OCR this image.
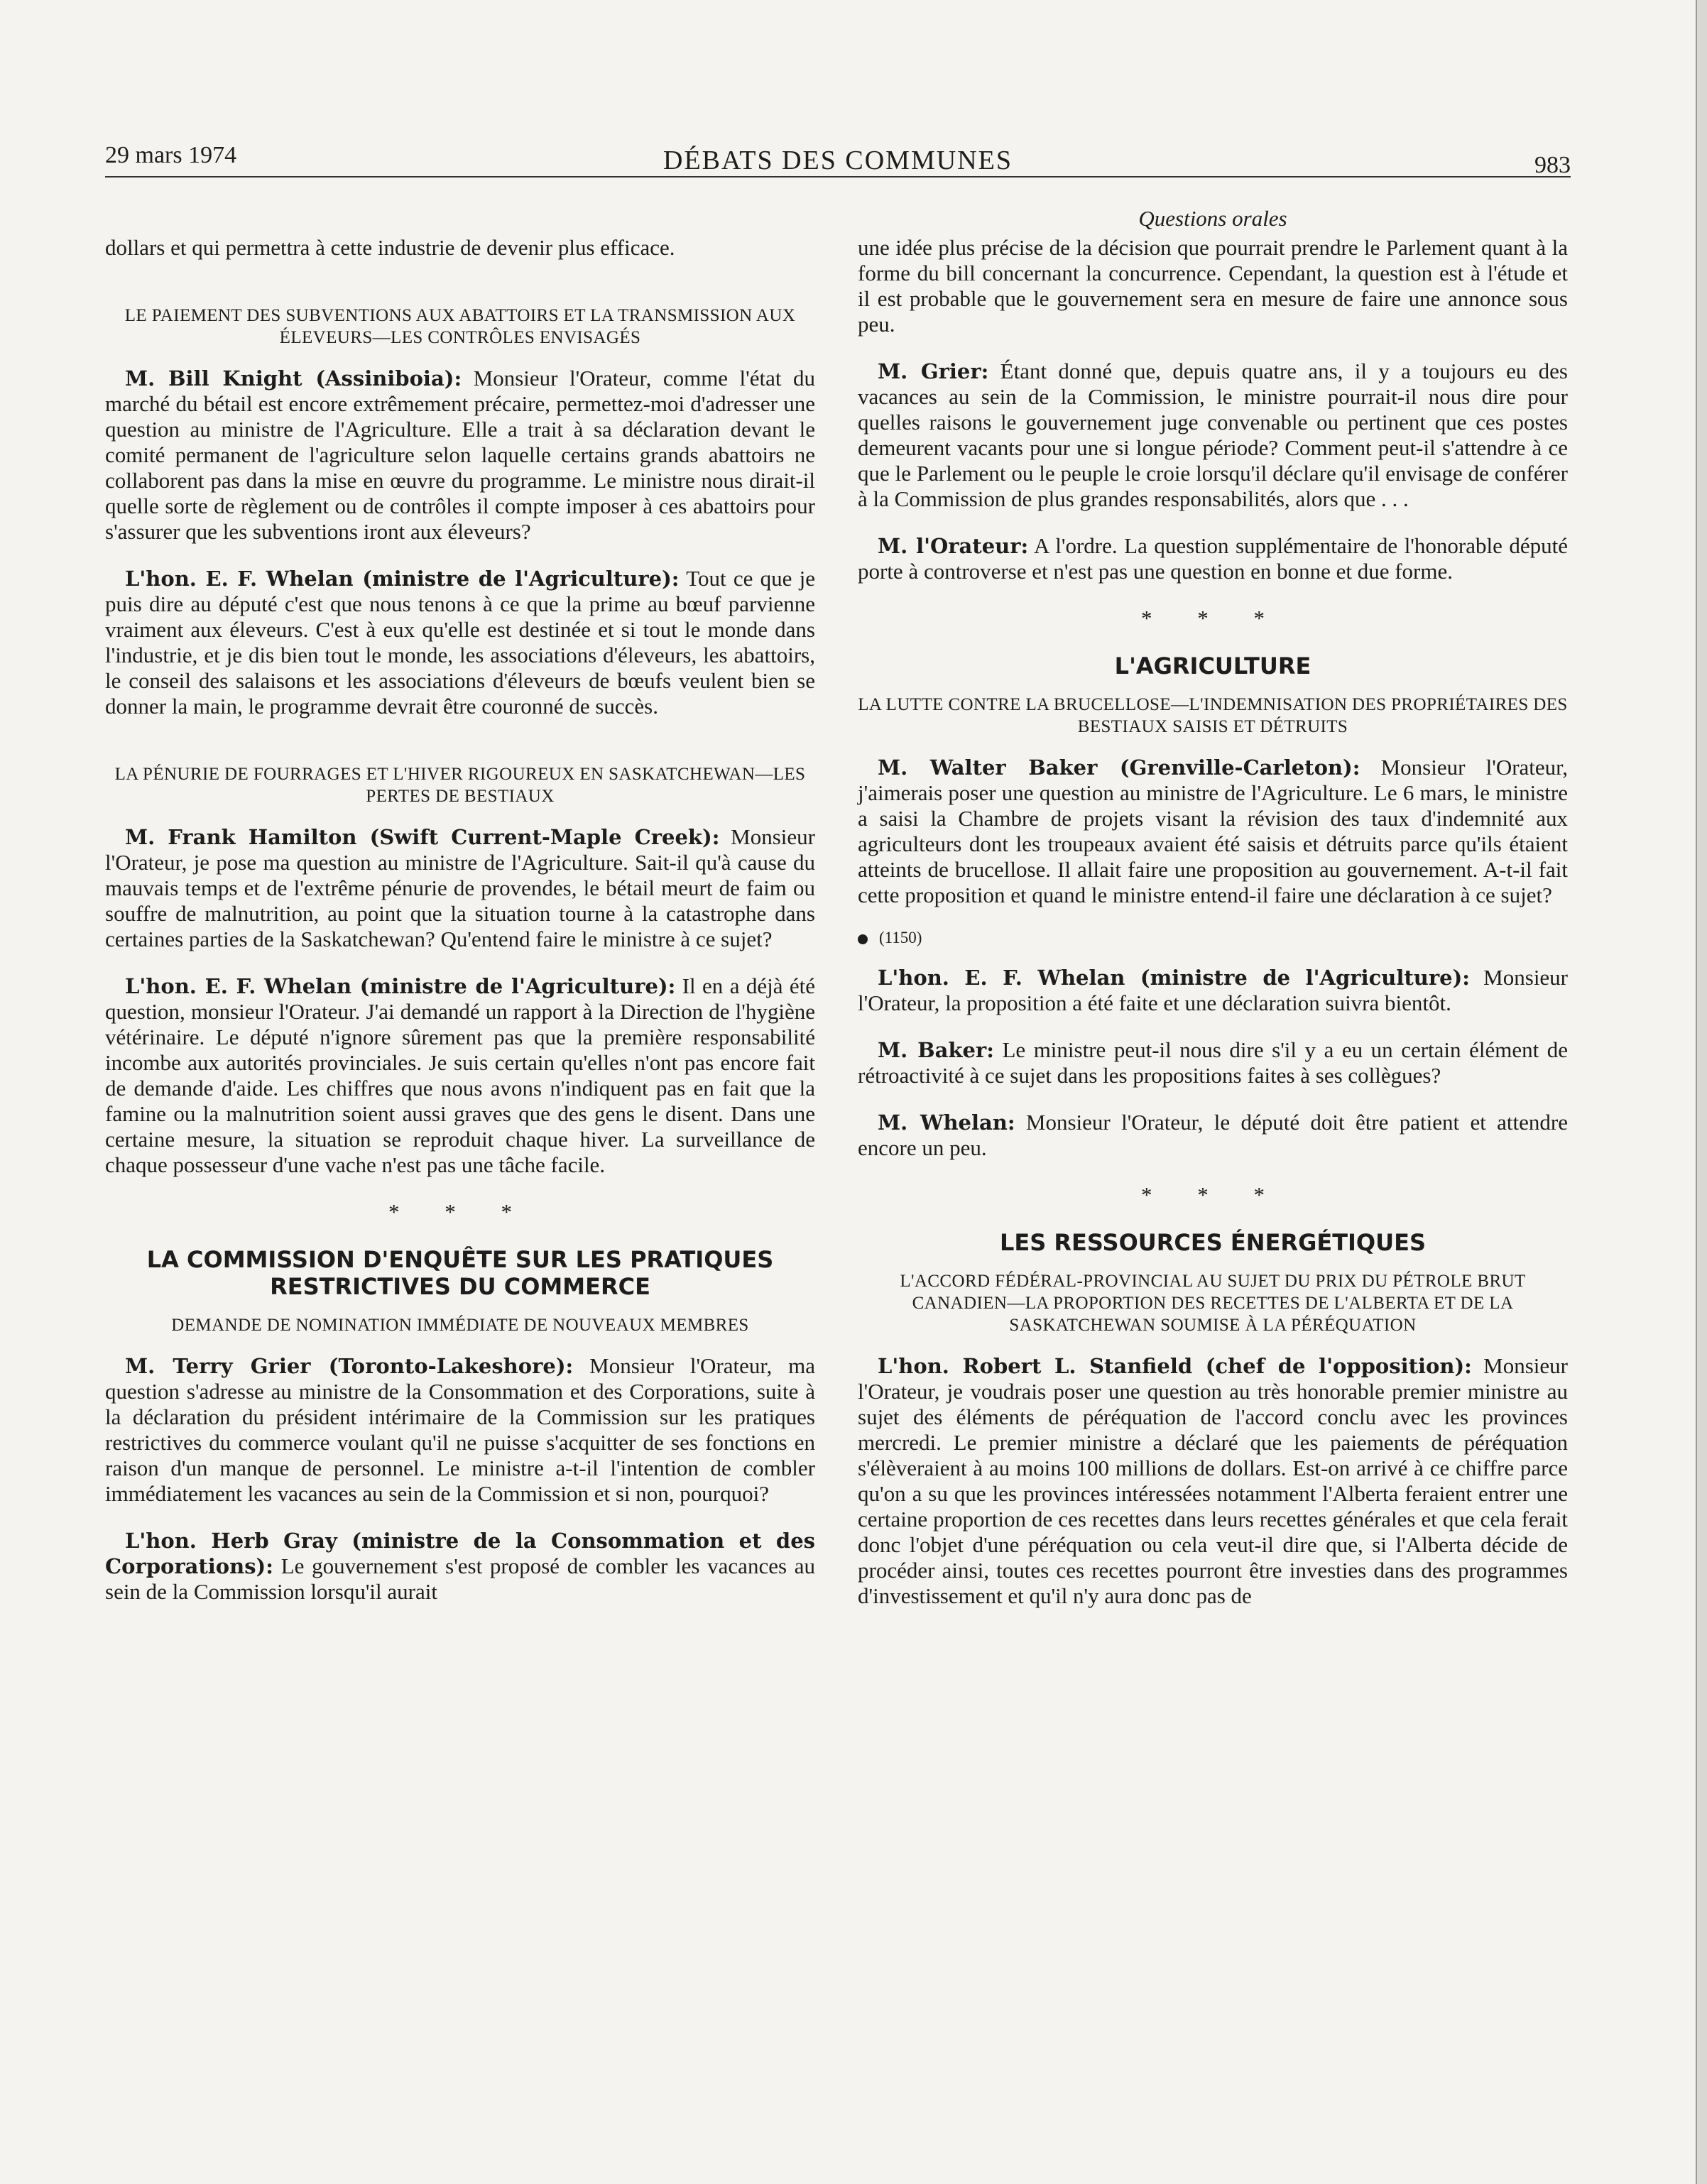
29 mars 1974	DÉBATS DES COMMUNES	983
Questions orales

dollars et qui permettra à cette industrie de devenir plus efficace.

LE PAIEMENT DES SUBVENTIONS AUX ABATTOIRS ET LA TRANSMISSION AUX ÉLEVEURS—LES CONTRÔLES ENVISAGÉS

M. Bill Knight (Assiniboia): Monsieur l'Orateur, comme l'état du marché du bétail est encore extrêmement précaire, permettez-moi d'adresser une question au ministre de l'Agriculture. Elle a trait à sa déclaration devant le comité permanent de l'agriculture selon laquelle certains grands abattoirs ne collaborent pas dans la mise en œuvre du programme. Le ministre nous dirait-il quelle sorte de règlement ou de contrôles il compte imposer à ces abattoirs pour s'assurer que les subventions iront aux éleveurs?

L'hon. E. F. Whelan (ministre de l'Agriculture): Tout ce que je puis dire au député c'est que nous tenons à ce que la prime au bœuf parvienne vraiment aux éleveurs. C'est à eux qu'elle est destinée et si tout le monde dans l'industrie, et je dis bien tout le monde, les associations d'éleveurs, les abattoirs, le conseil des salaisons et les associations d'éleveurs de bœufs veulent bien se donner la main, le programme devrait être couronné de succès.

LA PÉNURIE DE FOURRAGES ET L'HIVER RIGOUREUX EN SASKATCHEWAN—LES PERTES DE BESTIAUX

M. Frank Hamilton (Swift Current-Maple Creek): Monsieur l'Orateur, je pose ma question au ministre de l'Agriculture. Sait-il qu'à cause du mauvais temps et de l'extrême pénurie de provendes, le bétail meurt de faim ou souffre de malnutrition, au point que la situation tourne à la catastrophe dans certaines parties de la Saskatchewan? Qu'entend faire le ministre à ce sujet?

L'hon. E. F. Whelan (ministre de l'Agriculture): Il en a déjà été question, monsieur l'Orateur. J'ai demandé un rapport à la Direction de l'hygiène vétérinaire. Le député n'ignore sûrement pas que la première responsabilité incombe aux autorités provinciales. Je suis certain qu'elles n'ont pas encore fait de demande d'aide. Les chiffres que nous avons n'indiquent pas en fait que la famine ou la malnutrition soient aussi graves que des gens le disent. Dans une certaine mesure, la situation se reproduit chaque hiver. La surveillance de chaque possesseur d'une vache n'est pas une tâche facile.

* * *
LA COMMISSION D'ENQUÊTE SUR LES PRATIQUES RESTRICTIVES DU COMMERCE
DEMANDE DE NOMINATION IMMÉDIATE DE NOUVEAUX MEMBRES

M. Terry Grier (Toronto-Lakeshore): Monsieur l'Orateur, ma question s'adresse au ministre de la Consommation et des Corporations, suite à la déclaration du président intérimaire de la Commission sur les pratiques restrictives du commerce voulant qu'il ne puisse s'acquitter de ses fonctions en raison d'un manque de personnel. Le ministre a-t-il l'intention de combler immédiatement les vacances au sein de la Commission et si non, pourquoi?

L'hon. Herb Gray (ministre de la Consommation et des Corporations): Le gouvernement s'est proposé de combler les vacances au sein de la Commission lorsqu'il aurait

une idée plus précise de la décision que pourrait prendre le Parlement quant à la forme du bill concernant la concurrence. Cependant, la question est à l'étude et il est probable que le gouvernement sera en mesure de faire une annonce sous peu.

M. Grier: Étant donné que, depuis quatre ans, il y a toujours eu des vacances au sein de la Commission, le ministre pourrait-il nous dire pour quelles raisons le gouvernement juge convenable ou pertinent que ces postes demeurent vacants pour une si longue période? Comment peut-il s'attendre à ce que le Parlement ou le peuple le croie lorsqu'il déclare qu'il envisage de conférer à la Commission de plus grandes responsabilités, alors que . . .

M. l'Orateur: A l'ordre. La question supplémentaire de l'honorable député porte à controverse et n'est pas une question en bonne et due forme.

* * *
L'AGRICULTURE
LA LUTTE CONTRE LA BRUCELLOSE—L'INDEMNISATION DES PROPRIÉTAIRES DES BESTIAUX SAISIS ET DÉTRUITS

M. Walter Baker (Grenville-Carleton): Monsieur l'Orateur, j'aimerais poser une question au ministre de l'Agriculture. Le 6 mars, le ministre a saisi la Chambre de projets visant la révision des taux d'indemnité aux agriculteurs dont les troupeaux avaient été saisis et détruits parce qu'ils étaient atteints de brucellose. Il allait faire une proposition au gouvernement. A-t-il fait cette proposition et quand le ministre entend-il faire une déclaration à ce sujet?

(1150)

L'hon. E. F. Whelan (ministre de l'Agriculture): Monsieur l'Orateur, la proposition a été faite et une déclaration suivra bientôt.

M. Baker: Le ministre peut-il nous dire s'il y a eu un certain élément de rétroactivité à ce sujet dans les propositions faites à ses collègues?

M. Whelan: Monsieur l'Orateur, le député doit être patient et attendre encore un peu.

* * *
LES RESSOURCES ÉNERGÉTIQUES
L'ACCORD FÉDÉRAL-PROVINCIAL AU SUJET DU PRIX DU PÉTROLE BRUT CANADIEN—LA PROPORTION DES RECETTES DE L'ALBERTA ET DE LA SASKATCHEWAN SOUMISE À LA PÉRÉQUATION

L'hon. Robert L. Stanfield (chef de l'opposition): Monsieur l'Orateur, je voudrais poser une question au très honorable premier ministre au sujet des éléments de péréquation de l'accord conclu avec les provinces mercredi. Le premier ministre a déclaré que les paiements de péréquation s'élèveraient à au moins 100 millions de dollars. Est-on arrivé à ce chiffre parce qu'on a su que les provinces intéressées notamment l'Alberta feraient entrer une certaine proportion de ces recettes dans leurs recettes générales et que cela ferait donc l'objet d'une péréquation ou cela veut-il dire que, si l'Alberta décide de procéder ainsi, toutes ces recettes pourront être investies dans des programmes d'investissement et qu'il n'y aura donc pas de
